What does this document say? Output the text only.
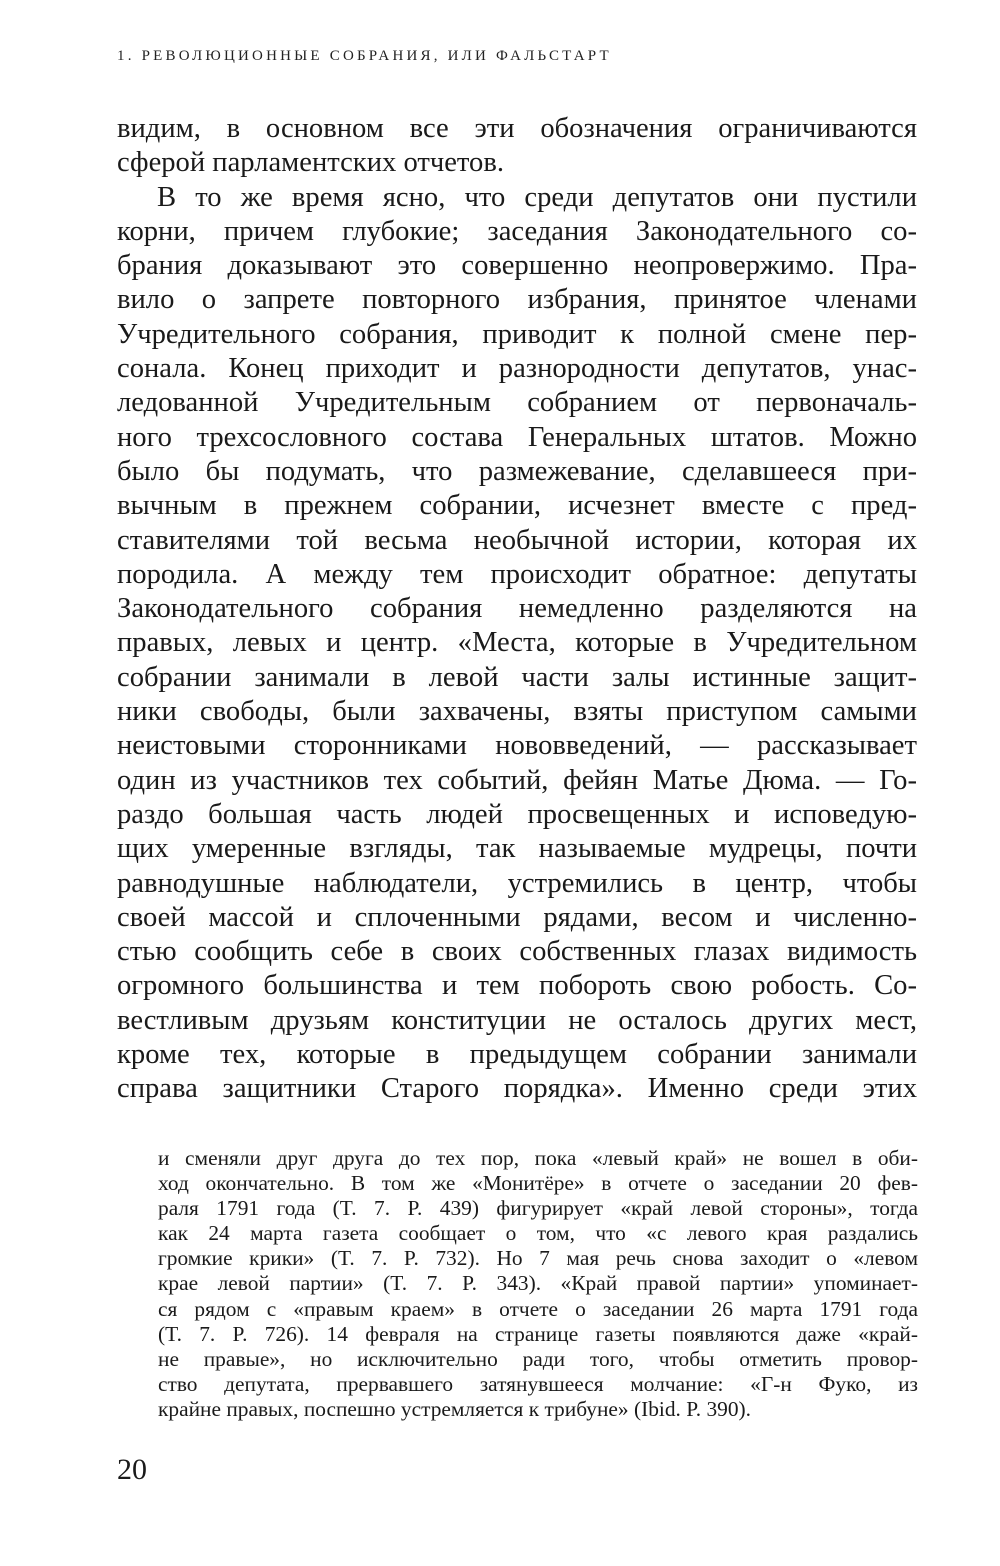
1. РЕВОЛЮЦИОННЫЕ СОБРАНИЯ, ИЛИ ФАЛЬСТАРТ
видим, в основном все эти обозначения ограничиваются
сферой парламентских отчетов.
В то же время ясно, что среди депутатов они пустили
корни, причем глубокие; заседания Законодательного со-
брания доказывают это совершенно неопровержимо. Пра-
вило о запрете повторного избрания, принятое членами
Учредительного собрания, приводит к полной смене пер-
сонала. Конец приходит и разнородности депутатов, унас-
ледованной Учредительным собранием от первоначаль-
ного трехсословного состава Генеральных штатов. Можно
было бы подумать, что размежевание, сделавшееся при-
вычным в прежнем собрании, исчезнет вместе с пред-
ставителями той весьма необычной истории, которая их
породила. А между тем происходит обратное: депутаты
Законодательного собрания немедленно разделяются на
правых, левых и центр. «Места, которые в Учредительном
собрании занимали в левой части залы истинные защит-
ники свободы, были захвачены, взяты приступом самыми
неистовыми сторонниками нововведений, — рассказывает
один из участников тех событий, фейян Матье Дюма. — Го-
раздо большая часть людей просвещенных и исповедую-
щих умеренные взгляды, так называемые мудрецы, почти
равнодушные наблюдатели, устремились в центр, чтобы
своей массой и сплоченными рядами, весом и численно-
стью сообщить себе в своих собственных глазах видимость
огромного большинства и тем побороть свою робость. Со-
вестливым друзьям конституции не осталось других мест,
кроме тех, которые в предыдущем собрании занимали
справа защитники Старого порядка». Именно среди этих
и сменяли друг друга до тех пор, пока «левый край» не вошел в оби-
ход окончательно. В том же «Монитёре» в отчете о заседании 20 фев-
раля 1791 года (T. 7. P. 439) фигурирует «край левой стороны», тогда
как 24 марта газета сообщает о том, что «с левого края раздались
громкие крики» (T. 7. P. 732). Но 7 мая речь снова заходит о «левом
крае левой партии» (T. 7. P. 343). «Край правой партии» упоминает-
ся рядом с «правым краем» в отчете о заседании 26 марта 1791 года
(T. 7. P. 726). 14 февраля на странице газеты появляются даже «край-
не правые», но исключительно ради того, чтобы отметить провор-
ство депутата, прервавшего затянувшееся молчание: «Г-н Фуко, из
крайне правых, поспешно устремляется к трибуне» (Ibid. P. 390).
20
